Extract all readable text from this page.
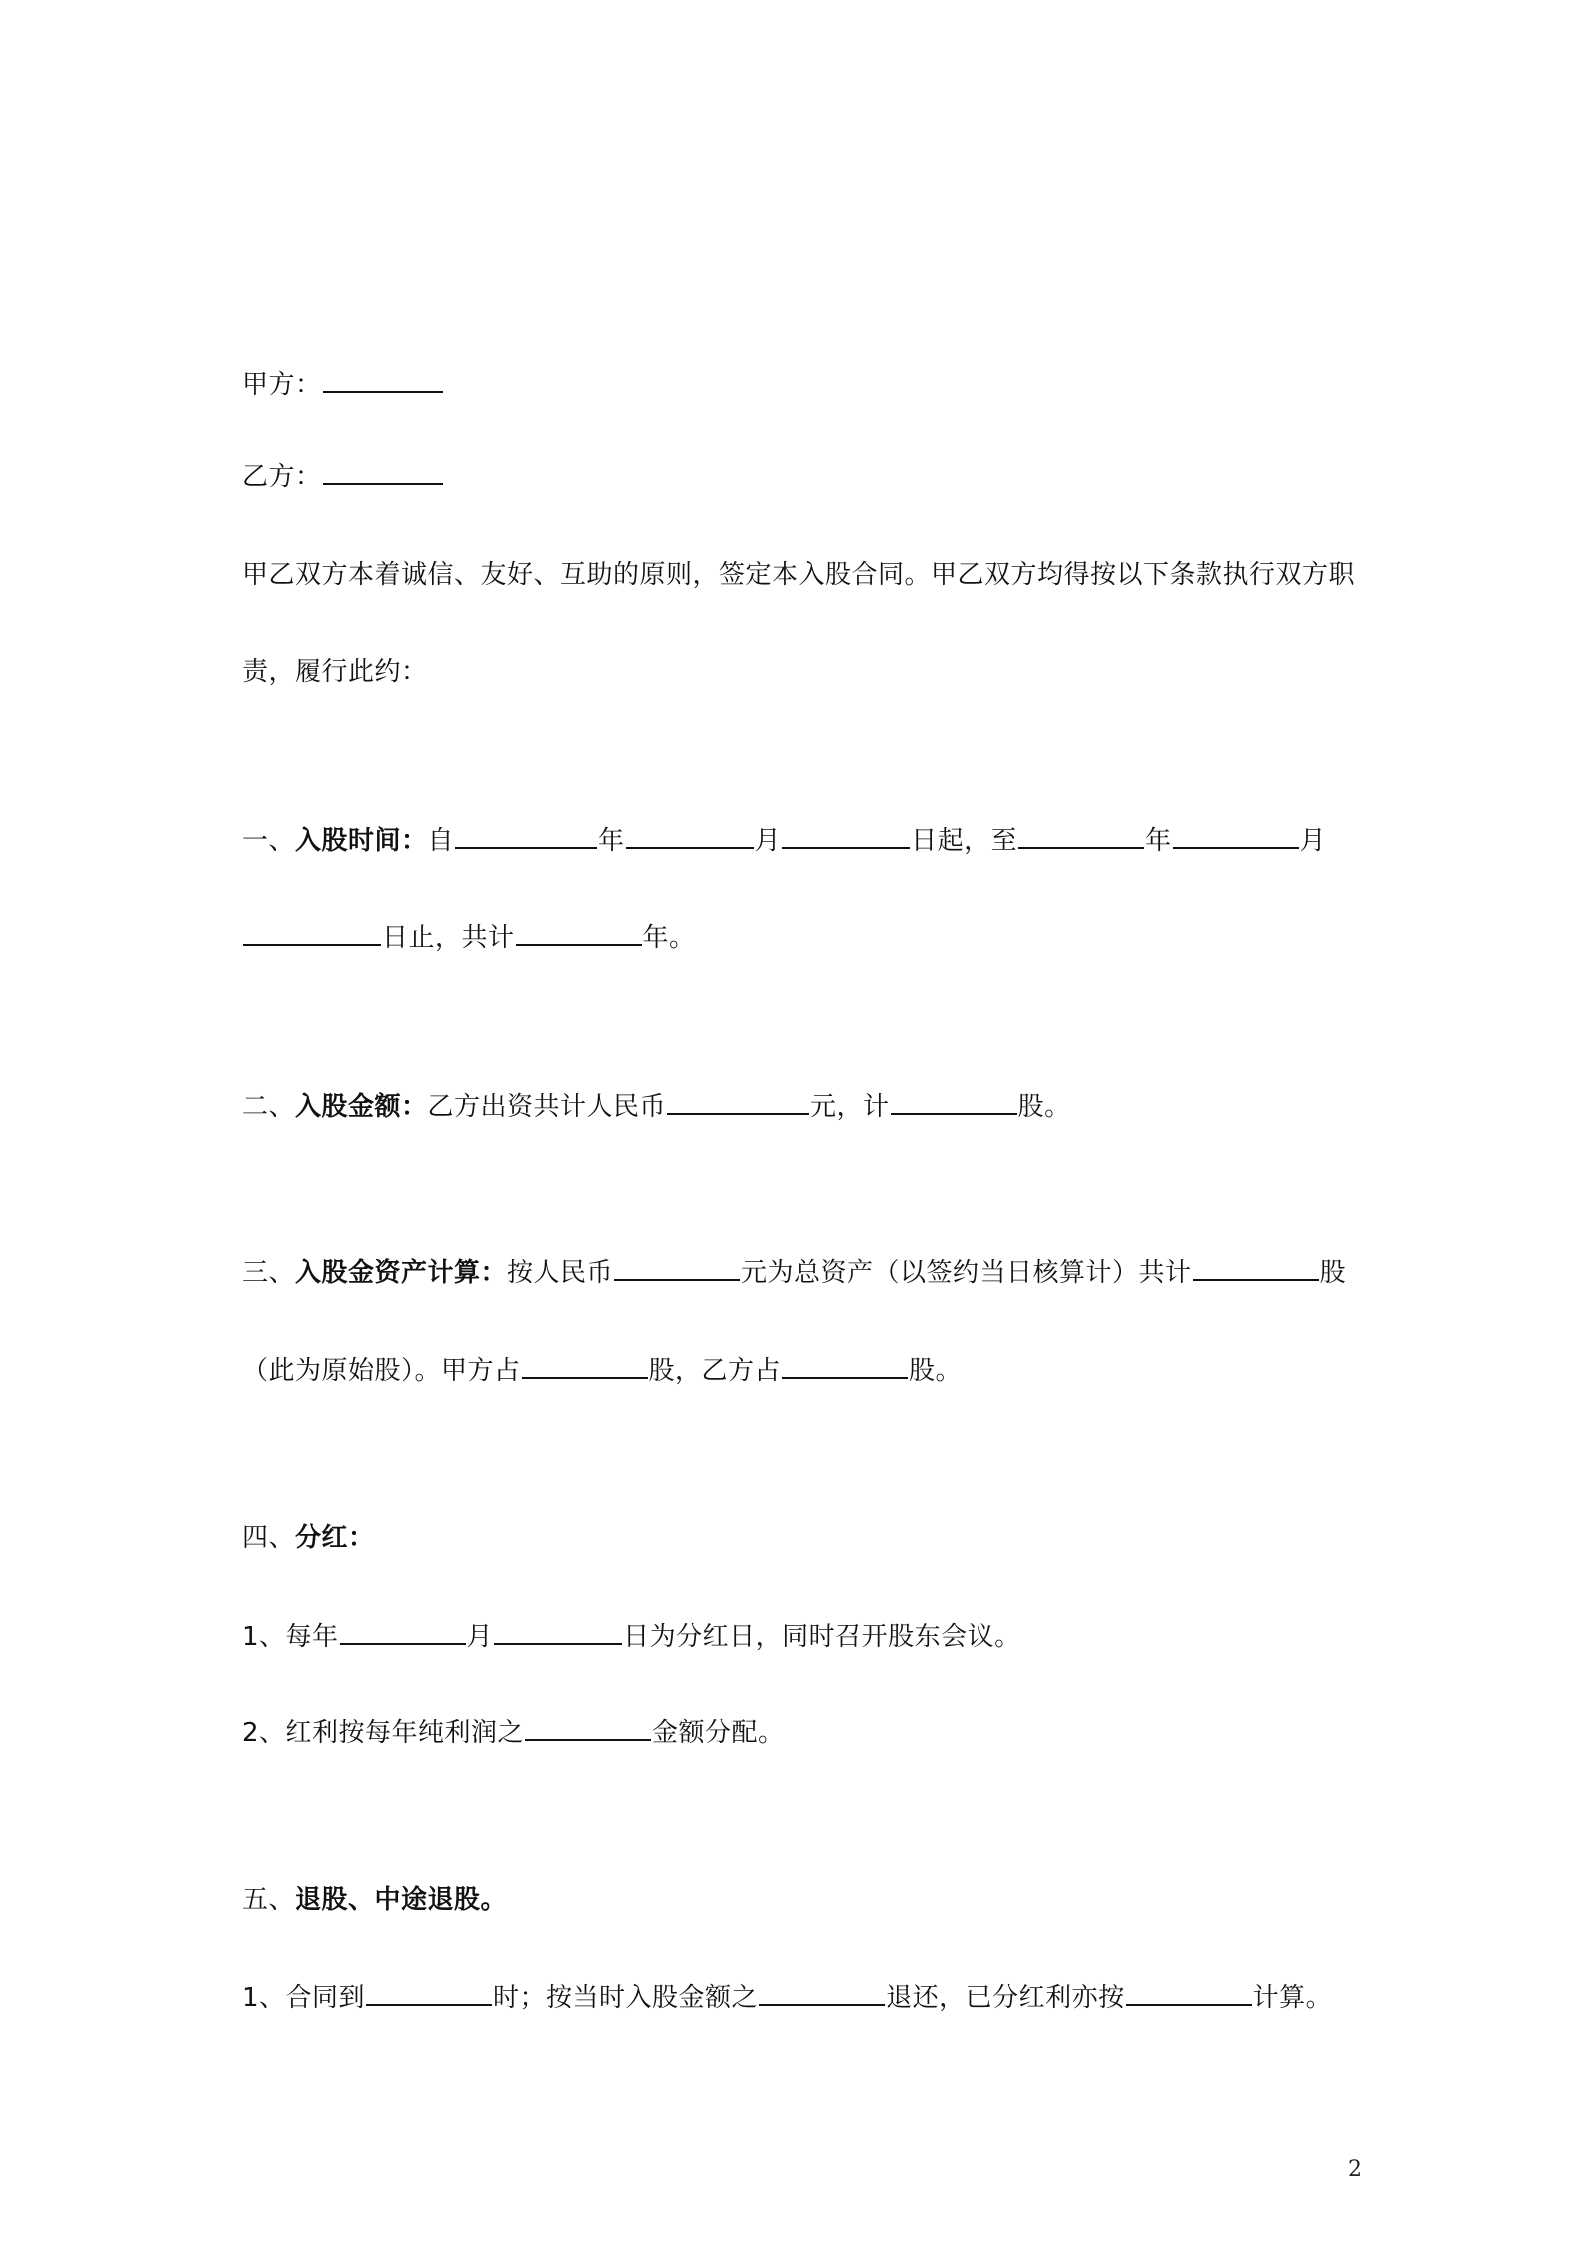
甲方：
乙方：
甲乙双方本着诚信、友好、互助的原则，签定本入股合同。甲乙双方均得按以下条款执行双方职
责，履行此约：
一、入股时间：自	年	月	日起，至	年	月
日止，共计	年。
二、入股金额：乙方出资共计人民币	元，计	股。
三、入股金资产计算：按人民币	元为总资产（以签约当日核算计）共计	股
（此为原始股）。甲方占	股，乙方占	股。
四、分红：
1、每年	月	日为分红日，同时召开股东会议。
2、红利按每年纯利润之	金额分配。
五、退股、中途退股。
1、合同到	时；按当时入股金额之	退还，已分红利亦按	计算。
2
